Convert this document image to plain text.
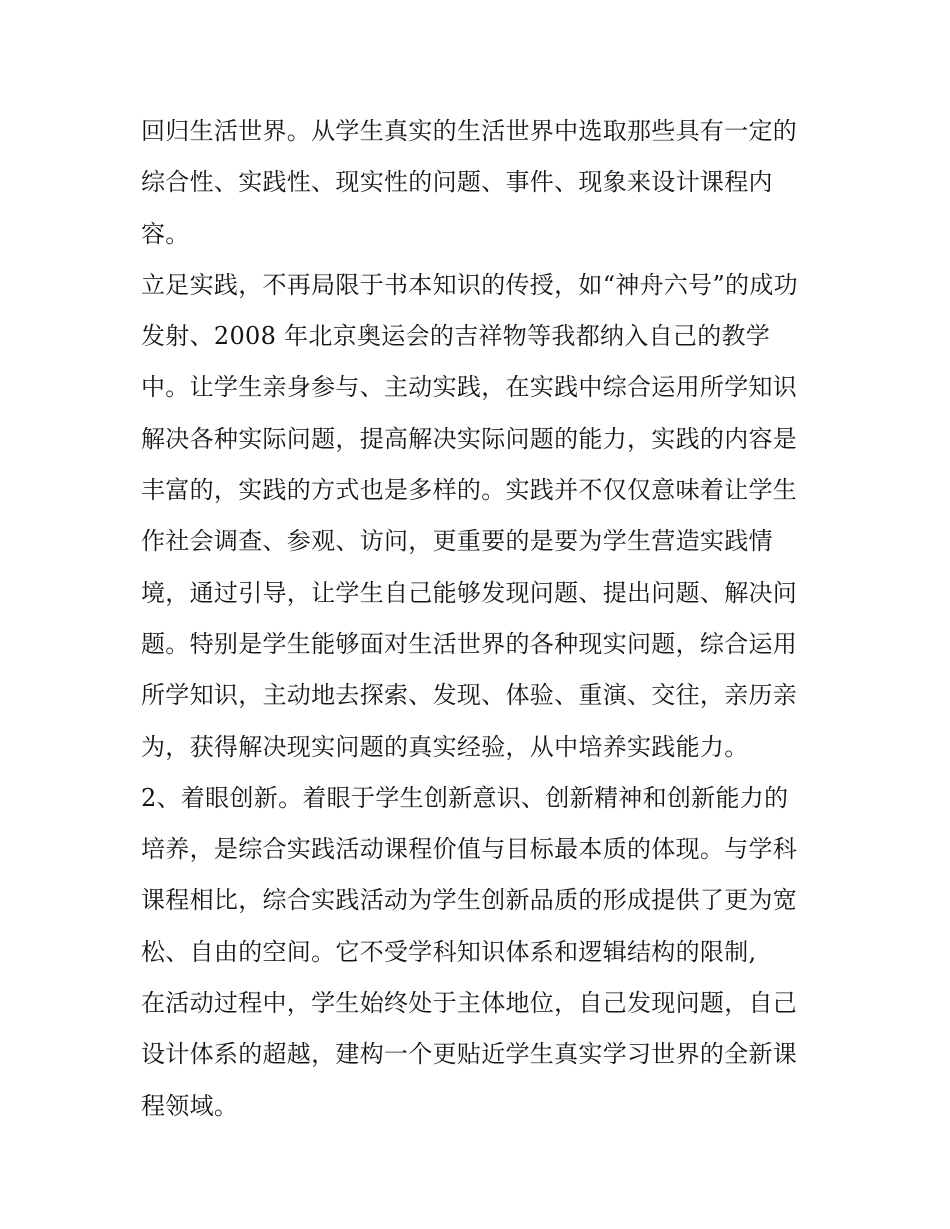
回归生活世界。从学生真实的生活世界中选取那些具有一定的
综合性、实践性、现实性的问题、事件、现象来设计课程内
容。
立足实践，不再局限于书本知识的传授，如“神舟六号”的成功
发射、2008 年北京奥运会的吉祥物等我都纳入自己的教学
中。让学生亲身参与、主动实践，在实践中综合运用所学知识
解决各种实际问题，提高解决实际问题的能力，实践的内容是
丰富的，实践的方式也是多样的。实践并不仅仅意味着让学生
作社会调查、参观、访问，更重要的是要为学生营造实践情
境，通过引导，让学生自己能够发现问题、提出问题、解决问
题。特别是学生能够面对生活世界的各种现实问题，综合运用
所学知识，主动地去探索、发现、体验、重演、交往，亲历亲
为，获得解决现实问题的真实经验，从中培养实践能力。
2、着眼创新。着眼于学生创新意识、创新精神和创新能力的
培养，是综合实践活动课程价值与目标最本质的体现。与学科
课程相比，综合实践活动为学生创新品质的形成提供了更为宽
松、自由的空间。它不受学科知识体系和逻辑结构的限制,
在活动过程中，学生始终处于主体地位，自己发现问题，自己
设计体系的超越，建构一个更贴近学生真实学习世界的全新课
程领域。
